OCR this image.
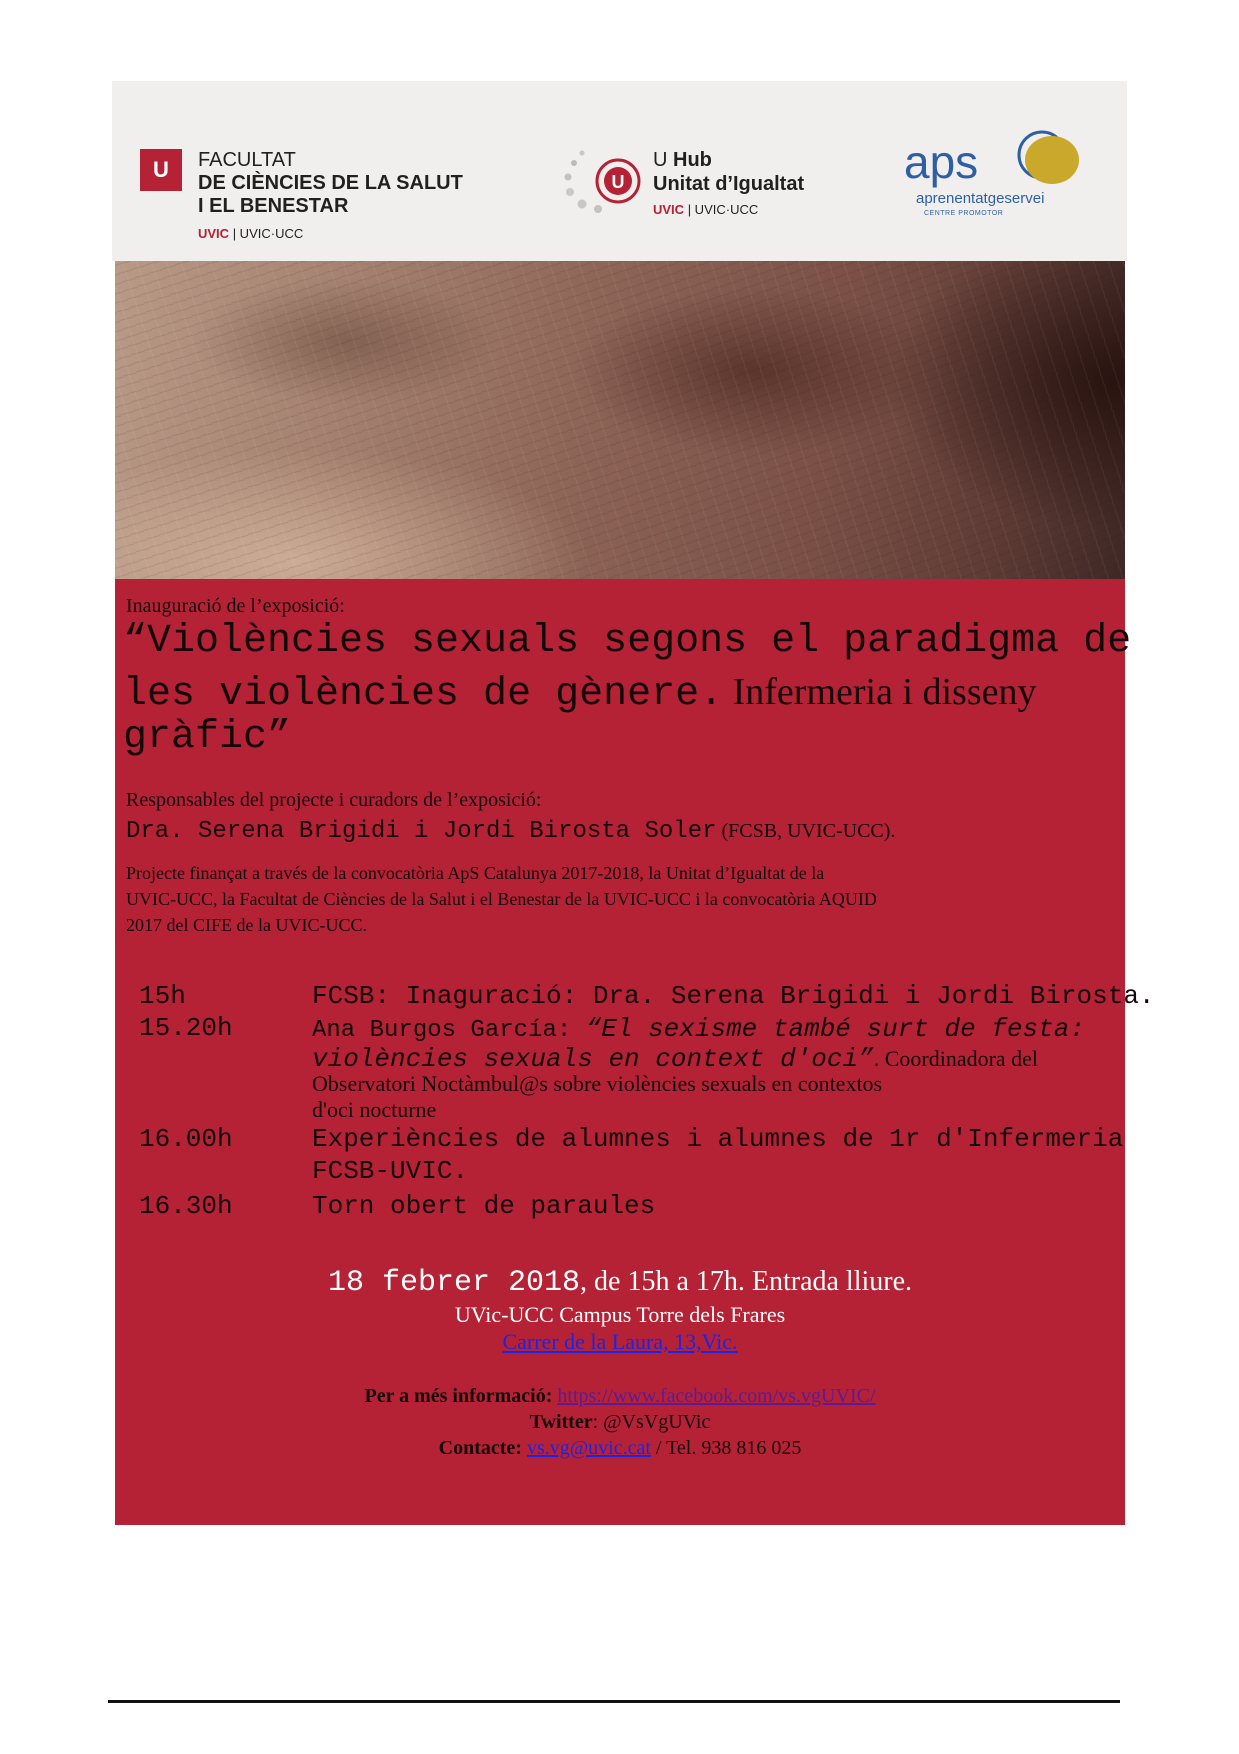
U	FACULTAT
DE CIÈNCIES DE LA SALUT
I EL BENESTAR
UVIC | UVIC·UCC
U
U Hub
Unitat d’Igualtat
UVIC | UVIC·UCC
aps
aprenentatgeservei
CENTRE PROMOTOR
Inauguració de l’exposició:
“Violències sexuals segons el paradigma de
les violències de gènere. Infermeria i disseny
gràfic”
Responsables del projecte i curadors de l’exposició:
Dra. Serena Brigidi i Jordi Birosta Soler (FCSB, UVIC-UCC).
Projecte finançat a través de la convocatòria ApS Catalunya 2017-2018, la Unitat d’Igualtat de la
UVIC-UCC, la Facultat de Ciències de la Salut i el Benestar de la UVIC-UCC i la convocatòria AQUID
2017 del CIFE de la UVIC-UCC.
15h	FCSB: Inaguració: Dra. Serena Brigidi i Jordi Birosta.
15.20h	Ana Burgos García: “El sexisme també surt de festa:
violències sexuals en context d'oci”. Coordinadora del
Observatori Noctàmbul@s sobre violències sexuals en contextos
d'oci nocturne
16.00h	Experiències de alumnes i alumnes de 1r d'Infermeria
FCSB-UVIC.
16.30h	Torn obert de paraules
18 febrer 2018, de 15h a 17h. Entrada lliure.
UVic-UCC Campus Torre dels Frares
Carrer de la Laura, 13,Vic.
Per a més informació: https://www.facebook.com/vs.vgUVIC/
Twitter: @VsVgUVic
Contacte: vs.vg@uvic.cat / Tel. 938 816 025
